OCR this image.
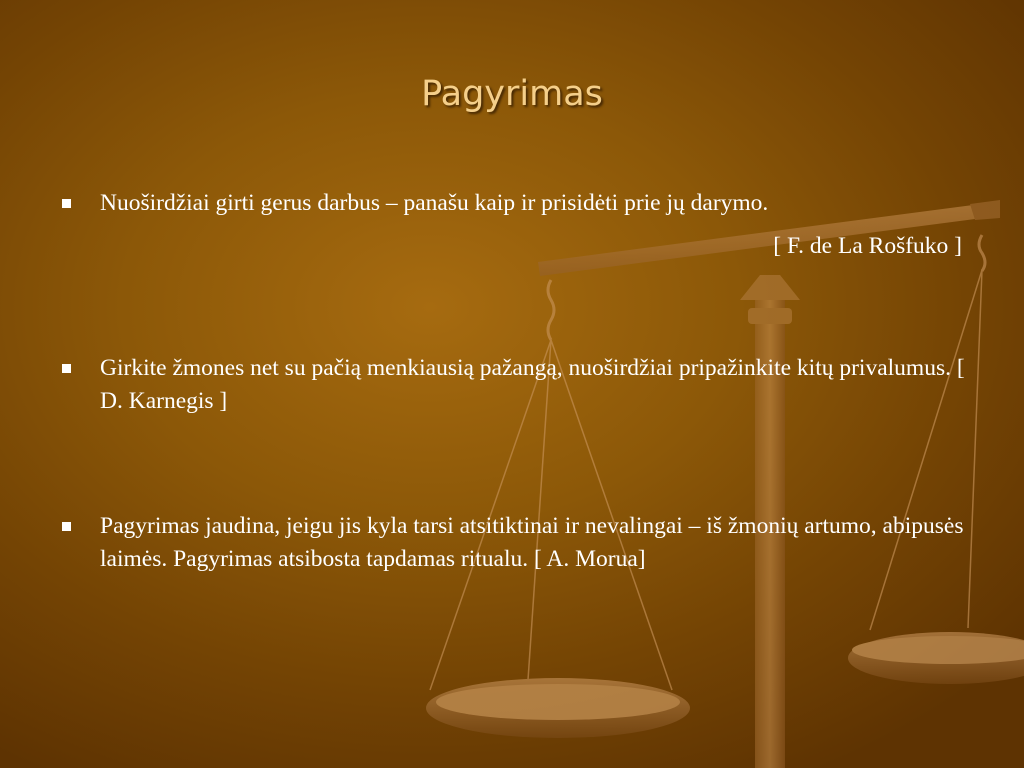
Pagyrimas
Nuoširdžiai girti gerus darbus – panašu kaip ir prisidėti prie jų darymo.
[ F. de La Rošfuko ]
Girkite žmones net su pačią menkiausią pažangą, nuoširdžiai pripažinkite kitų privalumus. [ D. Karnegis ]
Pagyrimas jaudina, jeigu jis kyla tarsi atsitiktinai ir nevalingai – iš žmonių artumo, abipusės laimės. Pagyrimas atsibosta tapdamas ritualu. [ A. Morua]
